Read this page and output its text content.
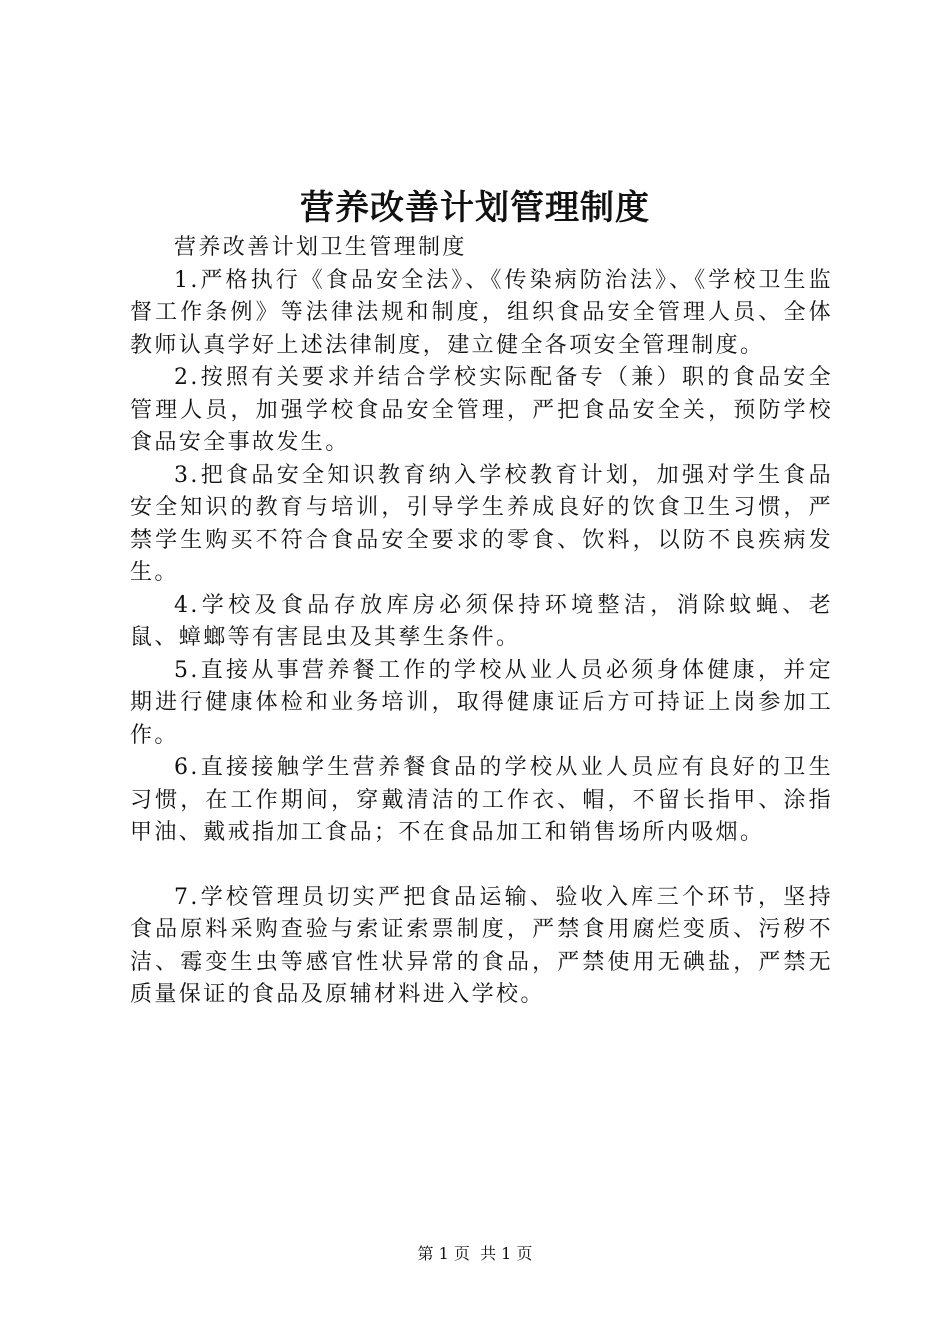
营养改善计划管理制度

营养改善计划卫生管理制度

1.严格执行《食品安全法》、《传染病防治法》、《学校卫生监督工作条例》等法律法规和制度，组织食品安全管理人员、全体教师认真学好上述法律制度，建立健全各项安全管理制度。

2.按照有关要求并结合学校实际配备专（兼）职的食品安全管理人员，加强学校食品安全管理，严把食品安全关，预防学校食品安全事故发生。

3.把食品安全知识教育纳入学校教育计划，加强对学生食品安全知识的教育与培训，引导学生养成良好的饮食卫生习惯，严禁学生购买不符合食品安全要求的零食、饮料，以防不良疾病发生。

4.学校及食品存放库房必须保持环境整洁，消除蚊蝇、老鼠、蟑螂等有害昆虫及其孳生条件。

5.直接从事营养餐工作的学校从业人员必须身体健康，并定期进行健康体检和业务培训，取得健康证后方可持证上岗参加工作。

6.直接接触学生营养餐食品的学校从业人员应有良好的卫生习惯，在工作期间，穿戴清洁的工作衣、帽，不留长指甲、涂指甲油、戴戒指加工食品；不在食品加工和销售场所内吸烟。

7.学校管理员切实严把食品运输、验收入库三个环节，坚持食品原料采购查验与索证索票制度，严禁食用腐烂变质、污秽不洁、霉变生虫等感官性状异常的食品，严禁使用无碘盐，严禁无质量保证的食品及原辅材料进入学校。

第 1 页 共 1 页
